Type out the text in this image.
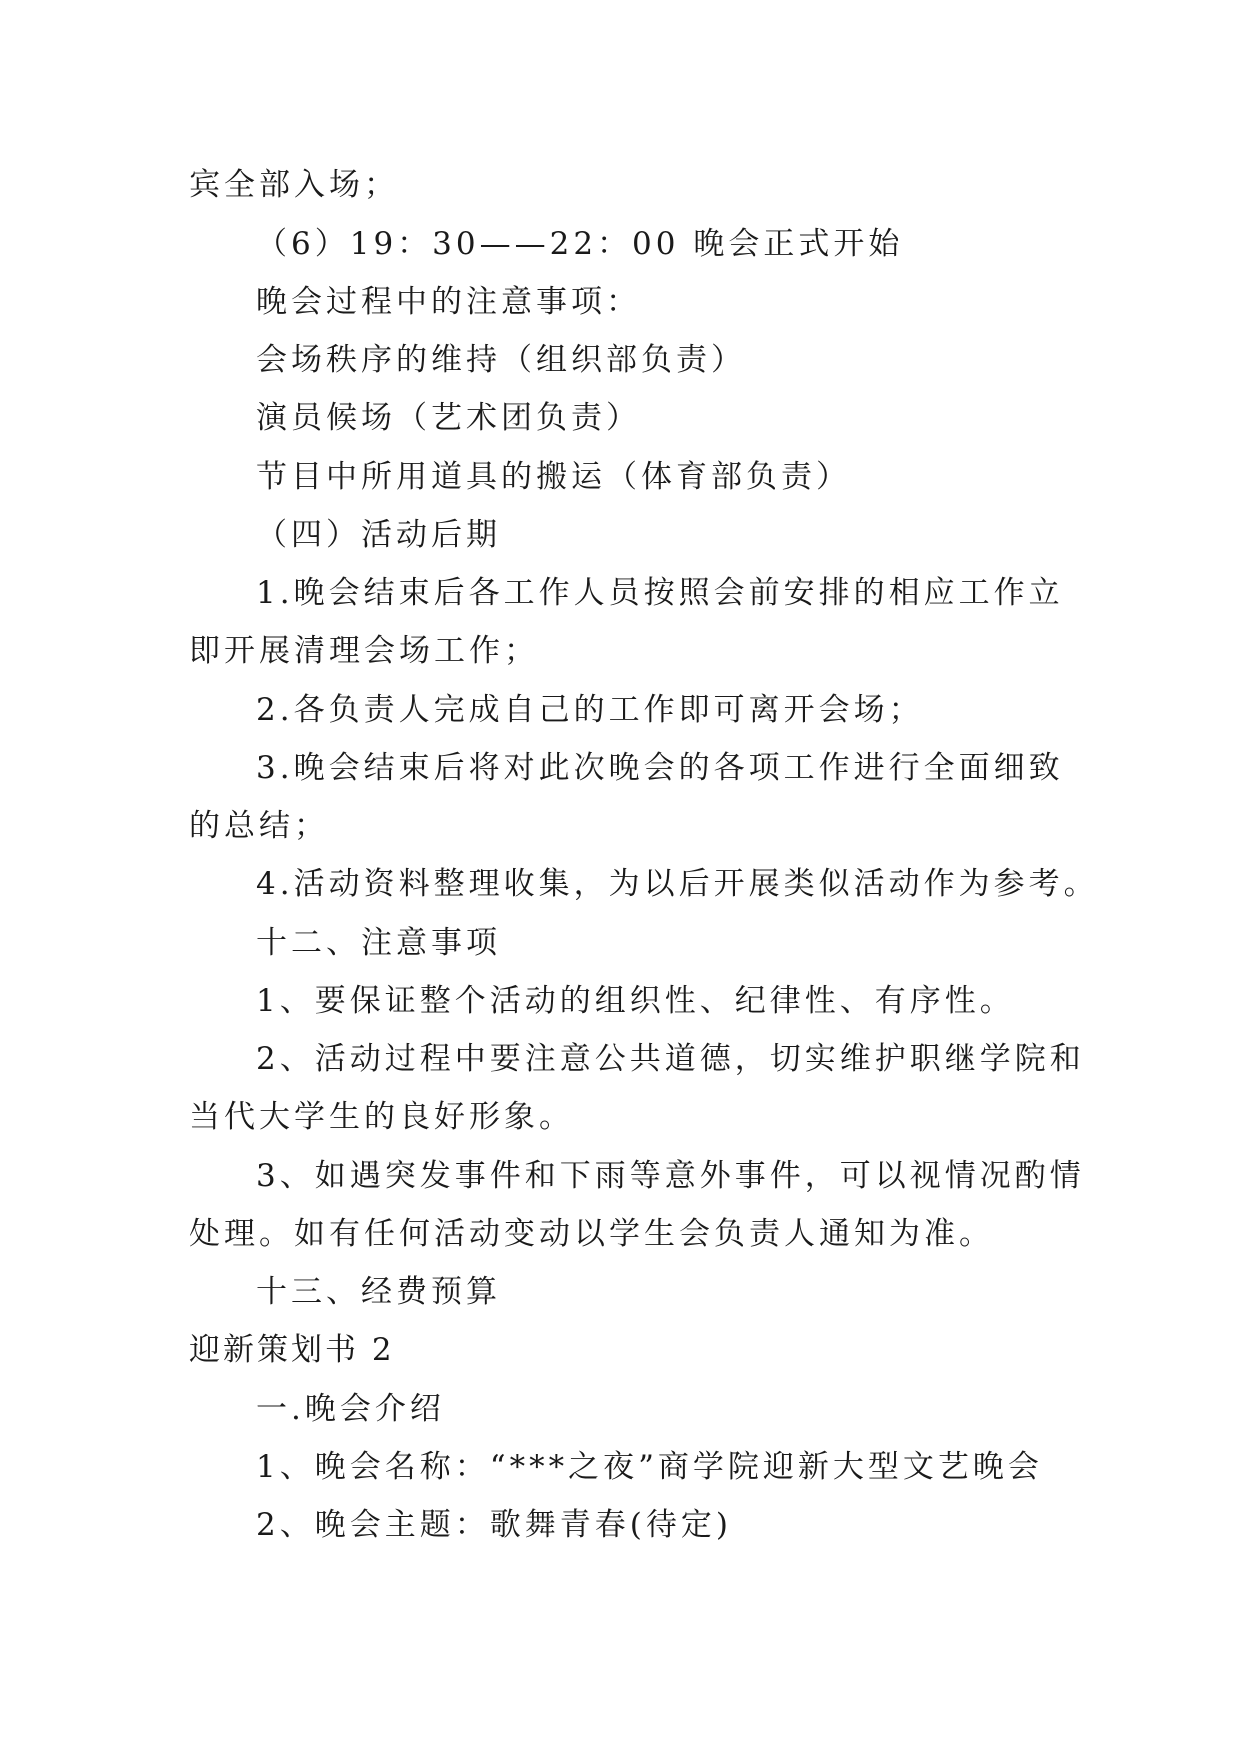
宾全部入场；
（6）19：30——22：00 晚会正式开始
晚会过程中的注意事项：
会场秩序的维持（组织部负责）
演员候场（艺术团负责）
节目中所用道具的搬运（体育部负责）
（四）活动后期
1.晚会结束后各工作人员按照会前安排的相应工作立
即开展清理会场工作；
2.各负责人完成自己的工作即可离开会场；
3.晚会结束后将对此次晚会的各项工作进行全面细致
的总结；
4.活动资料整理收集，为以后开展类似活动作为参考。
十二、注意事项
1、要保证整个活动的组织性、纪律性、有序性。
2、活动过程中要注意公共道德，切实维护职继学院和
当代大学生的良好形象。
3、如遇突发事件和下雨等意外事件，可以视情况酌情
处理。如有任何活动变动以学生会负责人通知为准。
十三、经费预算
迎新策划书 2
一.晚会介绍
1、晚会名称：“***之夜”商学院迎新大型文艺晚会
2、晚会主题：歌舞青春(待定)
